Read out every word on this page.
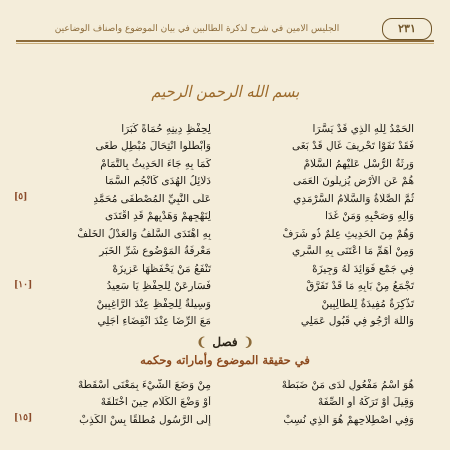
الجليس الأمين في شرح لذكرة الطالبين في بيان الموضوع وأصناف الوضاعين	٢٣١
بسم الله الرحمن الرحيم
الحَمْدُ لِلَّهِ الَّذِي قَدْ يَسَّرَا
لِحِفْظِ دِينِهِ حُمَاةً كُبَرَا
فَقَدْ نَفَوْا تَحْرِيفَ غَالٍ قَدْ بَغَى
وَأَبْطَلُوا انْتِحَالَ مُبْطِلٍ طَغَى
وَرِثَةُ الرُّسْلِ عَلَيْهِمُ السَّلَامْ
كَمَا بِهِ جَاءَ الحَدِيثُ بِالتَّمَامْ
هُمْ عَنِ الأَرْضِ يُزِيلُونَ العَمَى
دَلَائِلُ الهُدَى كَأَنْجُمِ السَّمَا
ثُمَّ الصَّلَاةُ وَالسَّلَامُ السَّرْمَدِي
عَلَى النَّبِيِّ المُصْطَفَى مُحَمَّدِ
[٥]
وَآلِهِ وَصَحْبِهِ وَمَنْ غَدَا
لِنَهْجِهِمْ وَهَدْيِهِمْ قَدِ اقْتَدَى
وَهُمْ مِنَ الحَدِيثِ عِلْمٌ ذُو شَرَفْ
بِهِ اهْتَدَى السَّلَفُ وَالعَدْلُ الخَلَفْ
وَمِنْ أَهَمِّ مَا اعْتَنَى بِهِ السَّرِي
مَعْرِفَةُ الْمَوْضُوعِ شَرِّ الخَبَرِ
فِي جَمْعِ فَوَائِدَ لَهُ وَجِيزَهْ
تَنْفَعُ مَنْ يَحْفَظُهَا عَزِيزَهْ
تَجْمَعُ مِنْ بَابِهِ مَا قَدْ تَفَرَّقْ
فَسَارِعَنْ لِلْحِفْظِ يَا سَعِيدُ
[١٠]
تَذْكِرَةٌ مُفِيدَةٌ لِلطَّالِبِينْ
وَسِيلَةٌ لِلْحِفْظِ عِنْدَ الرَّاغِبِينْ
وَاللَّهَ أَرْجُو فِي قَبُولِ عَمَلِي
مَعَ الرِّضَا عِنْدَ انْقِضَاءِ أَجَلِي
❨فصل❩
في حقيقة الموضوع وأماراته وحكمه
هُوَ اسْمُ مَفْعُولٍ لَدَى مَنْ ضَبَطَهْ
مِنْ وَضَعَ الشَّيْءَ بِمَعْنَى أَسْقَطَهْ
وَقِيلَ أَوْ تَرَكَهُ أَوِ الصِّفَهْ
أَوْ وَضْعَ الكَلَامِ حِينَ اخْتَلَقَهْ
وَفِي اصْطِلَاحِهِمْ هُوَ الَّذِي نُسِبْ
إِلَى الرَّسُولِ مُطْلَقًا بِسْ الكَذِبْ
[١٥]
